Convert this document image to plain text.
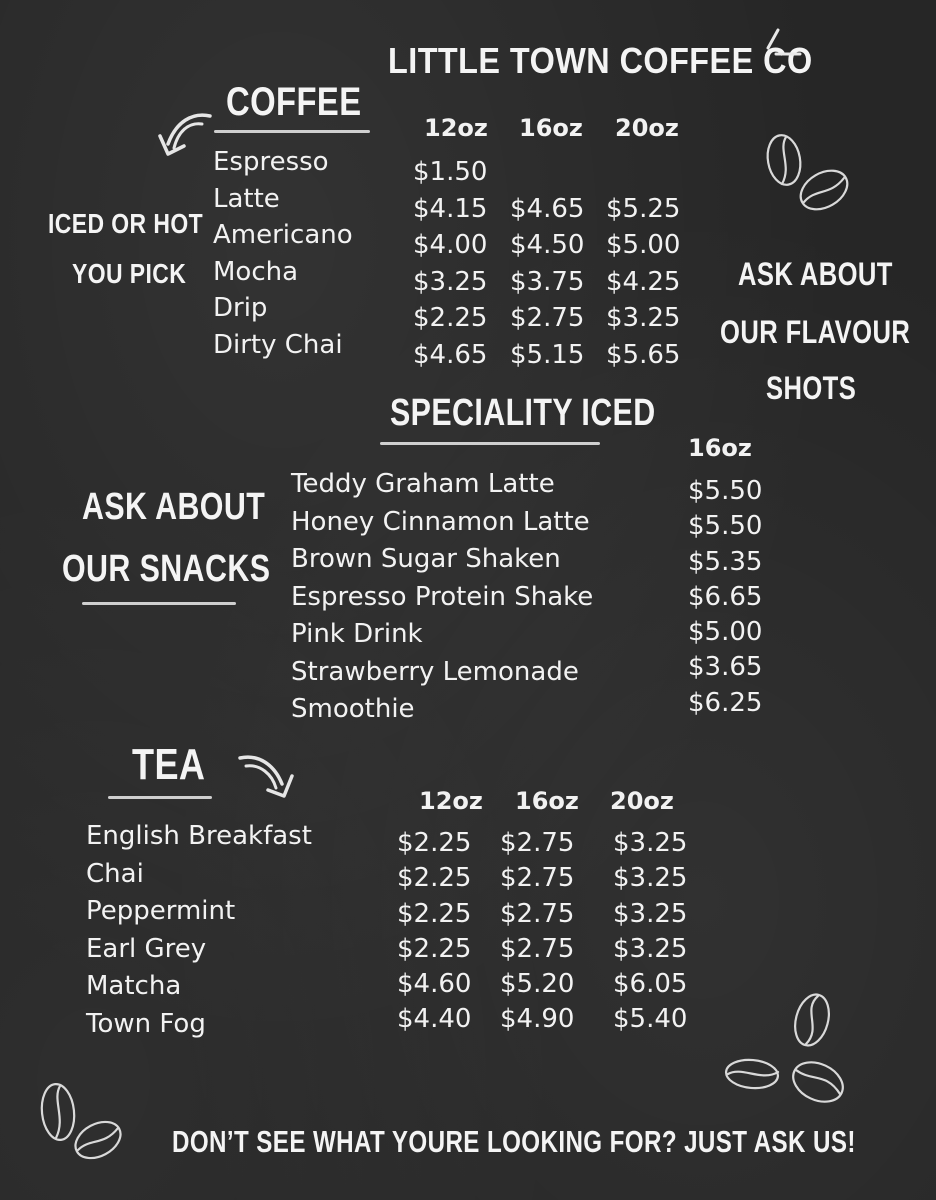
LITTLE TOWN COFFEE CO
COFFEE
12oz 16oz 20oz
Espresso
Latte
Americano
Mocha
Drip
Dirty Chai
$1.50
$4.15
$4.00
$3.25
$2.25
$4.65
$4.65
$4.50
$3.75
$2.75
$5.15
$5.25
$5.00
$4.25
$3.25
$5.65
ICED OR HOT
YOU PICK	ASK ABOUT
OUR FLAVOUR
SHOTS
SPECIALITY ICED
16oz
ASK ABOUT
OUR SNACKS
Teddy Graham Latte
Honey Cinnamon Latte
Brown Sugar Shaken
Espresso Protein Shake
Pink Drink
Strawberry Lemonade
Smoothie
$5.50
$5.50
$5.35
$6.65
$5.00
$3.65
$6.25
TEA
12oz 16oz 20oz
English Breakfast
Chai
Peppermint
Earl Grey
Matcha
Town Fog
$2.25
$2.25
$2.25
$2.25
$4.60
$4.40
$2.75
$2.75
$2.75
$2.75
$5.20
$4.90
$3.25
$3.25
$3.25
$3.25
$6.05
$5.40
DON’T SEE WHAT YOURE LOOKING FOR? JUST ASK US!
